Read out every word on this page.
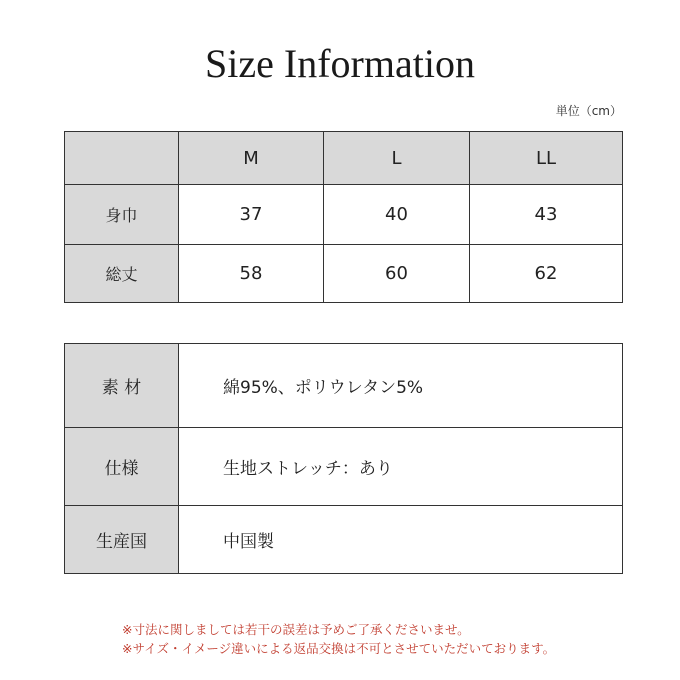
Size Information
単位（cm）
	M	L	LL
身巾	37	40	43
総丈	58	60	62
素 材	綿95%、ポリウレタン5%
仕様	生地ストレッチ：あり
生産国	中国製
※寸法に関しましては若干の誤差は予めご了承くださいませ。
※サイズ・イメージ違いによる返品交換は不可とさせていただいております。
